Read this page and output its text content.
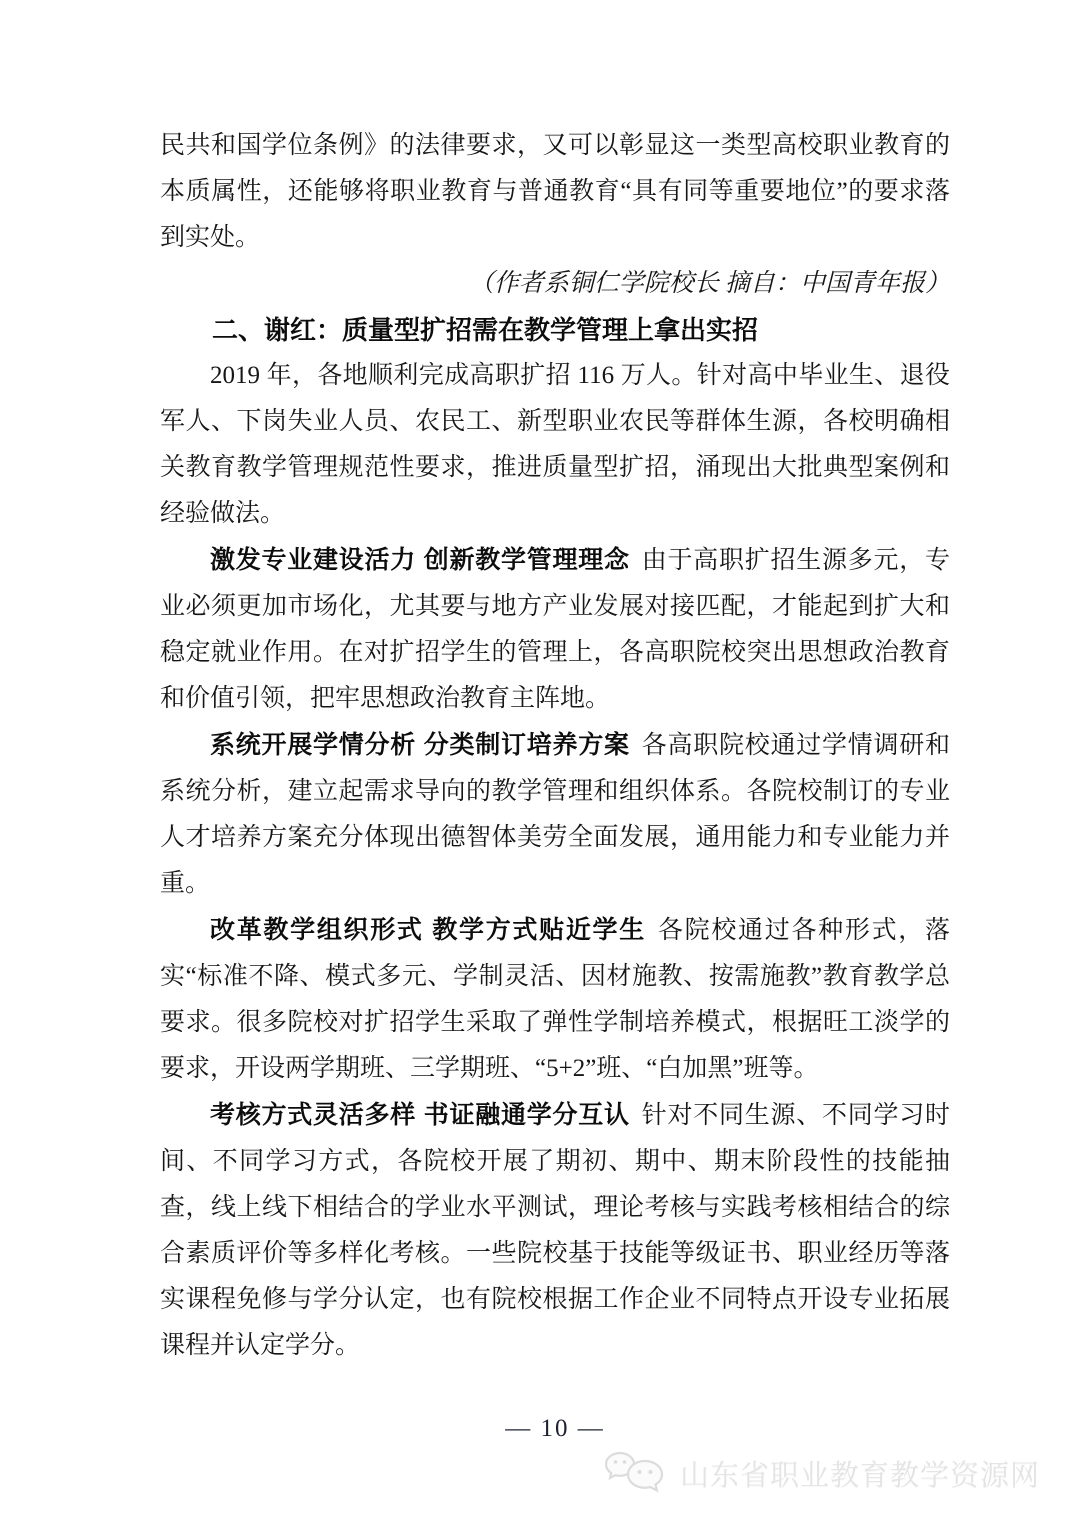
民共和国学位条例》的法律要求，又可以彰显这一类型高校职业教育的本质属性，还能够将职业教育与普通教育“具有同等重要地位”的要求落到实处。

（作者系铜仁学院校长 摘自：中国青年报）

二、谢红：质量型扩招需在教学管理上拿出实招

2019 年，各地顺利完成高职扩招 116 万人。针对高中毕业生、退役军人、下岗失业人员、农民工、新型职业农民等群体生源，各校明确相关教育教学管理规范性要求，推进质量型扩招，涌现出大批典型案例和经验做法。

激发专业建设活力 创新教学管理理念 由于高职扩招生源多元，专业必须更加市场化，尤其要与地方产业发展对接匹配，才能起到扩大和稳定就业作用。在对扩招学生的管理上，各高职院校突出思想政治教育和价值引领，把牢思想政治教育主阵地。

系统开展学情分析 分类制订培养方案 各高职院校通过学情调研和系统分析，建立起需求导向的教学管理和组织体系。各院校制订的专业人才培养方案充分体现出德智体美劳全面发展，通用能力和专业能力并重。

改革教学组织形式 教学方式贴近学生 各院校通过各种形式，落实“标准不降、模式多元、学制灵活、因材施教、按需施教”教育教学总要求。很多院校对扩招学生采取了弹性学制培养模式，根据旺工淡学的要求，开设两学期班、三学期班、“5+2”班、“白加黑”班等。

考核方式灵活多样 书证融通学分互认 针对不同生源、不同学习时间、不同学习方式，各院校开展了期初、期中、期末阶段性的技能抽查，线上线下相结合的学业水平测试，理论考核与实践考核相结合的综合素质评价等多样化考核。一些院校基于技能等级证书、职业经历等落实课程免修与学分认定，也有院校根据工作企业不同特点开设专业拓展课程并认定学分。

— 10 —
山东省职业教育教学资源网
